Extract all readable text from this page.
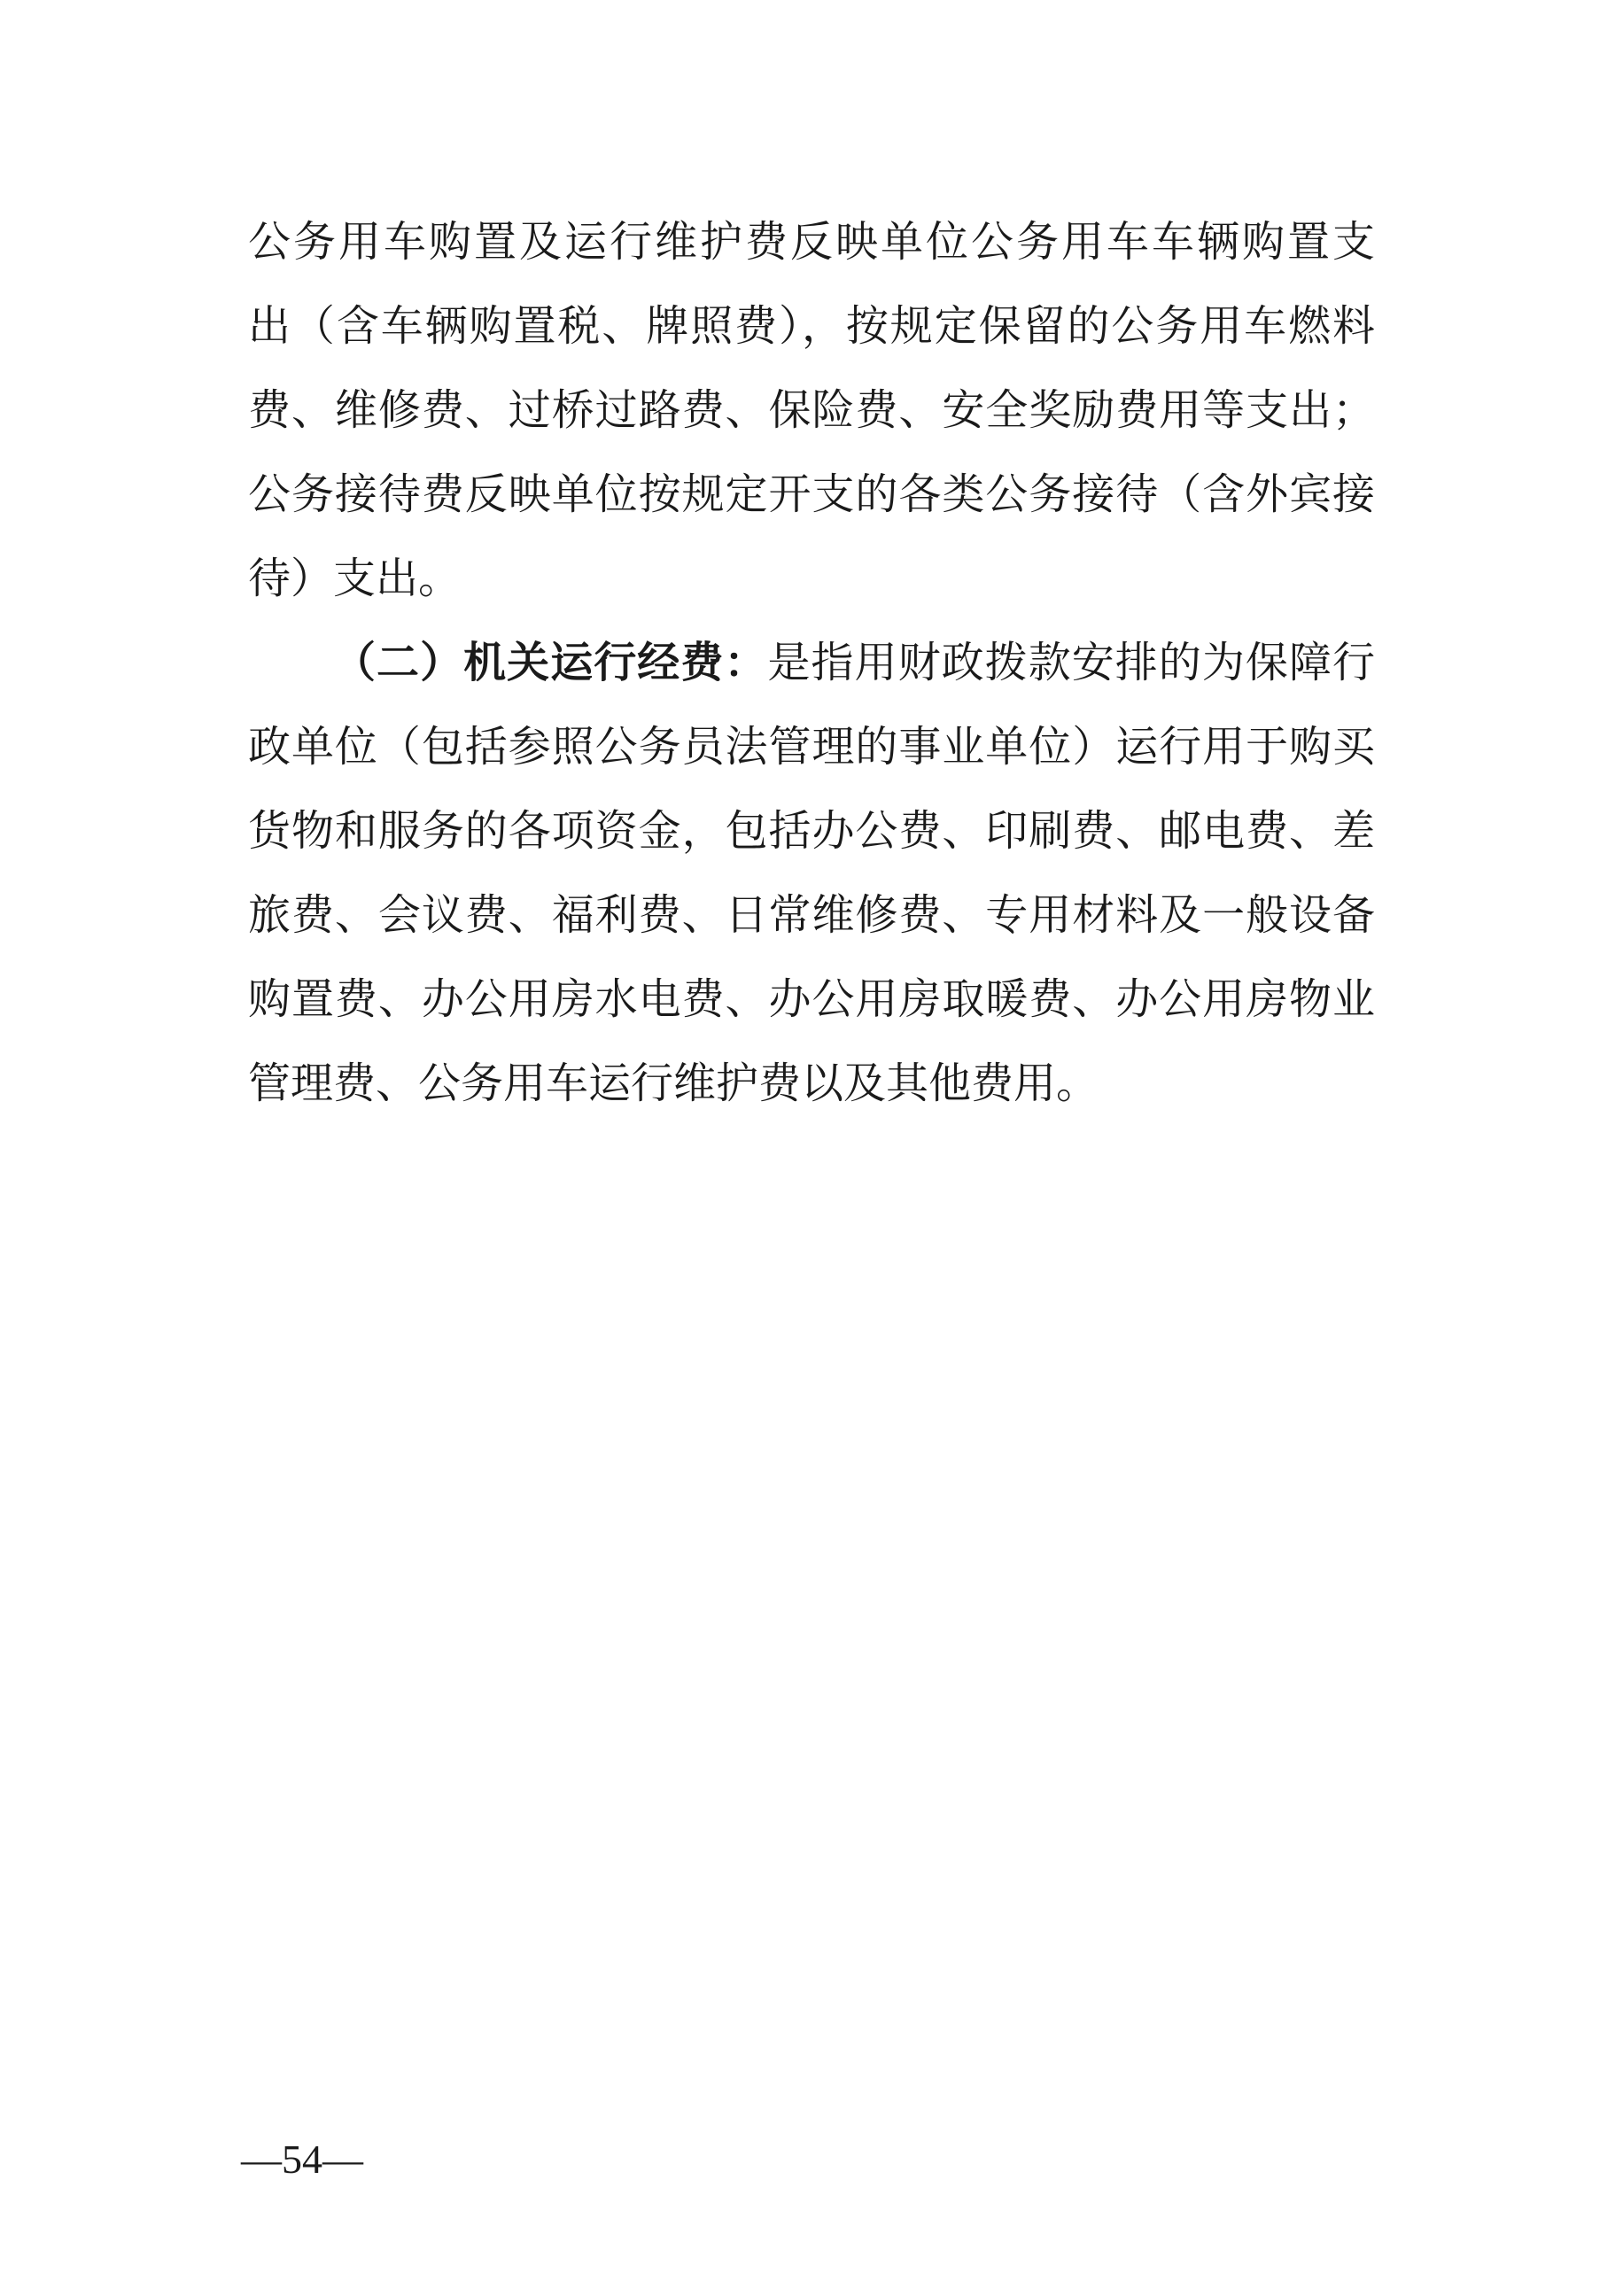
公务用车购置及运行维护费反映单位公务用车车辆购置支
出（含车辆购置税、牌照费），按规定保留的公务用车燃料
费、维修费、过桥过路费、保险费、安全奖励费用等支出；
公务接待费反映单位按规定开支的各类公务接待（含外宾接
待）支出。
（二）机关运行经费：是指用财政拨款安排的为保障行
政单位（包括参照公务员法管理的事业单位）运行用于购买
货物和服务的各项资金，包括办公费、印刷费、邮电费、差
旅费、会议费、福利费、日常维修费、专用材料及一般设备
购置费、办公用房水电费、办公用房取暖费、办公用房物业
管理费、公务用车运行维护费以及其他费用。
—54—
